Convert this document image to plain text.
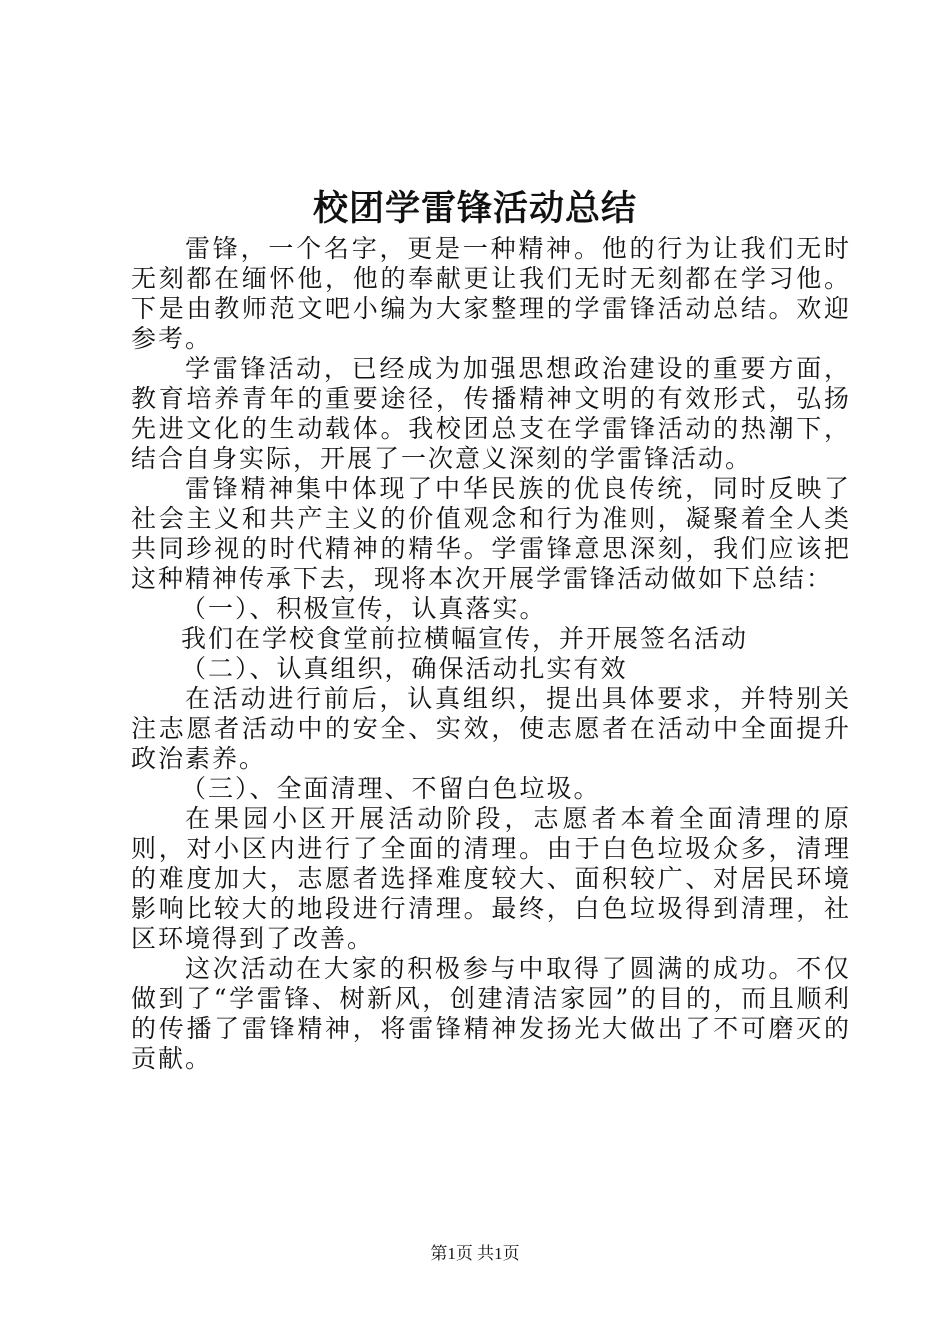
校团学雷锋活动总结

雷锋，一个名字，更是一种精神。他的行为让我们无时无刻都在缅怀他，他的奉献更让我们无时无刻都在学习他。下是由教师范文吧小编为大家整理的学雷锋活动总结。欢迎参考。

学雷锋活动，已经成为加强思想政治建设的重要方面，教育培养青年的重要途径，传播精神文明的有效形式，弘扬先进文化的生动载体。我校团总支在学雷锋活动的热潮下，结合自身实际，开展了一次意义深刻的学雷锋活动。

雷锋精神集中体现了中华民族的优良传统，同时反映了社会主义和共产主义的价值观念和行为准则，凝聚着全人类共同珍视的时代精神的精华。学雷锋意思深刻，我们应该把这种精神传承下去，现将本次开展学雷锋活动做如下总结：

（一）、积极宣传，认真落实。

我们在学校食堂前拉横幅宣传，并开展签名活动

（二）、认真组织，确保活动扎实有效

在活动进行前后，认真组织，提出具体要求，并特别关注志愿者活动中的安全、实效，使志愿者在活动中全面提升政治素养。

（三）、全面清理、不留白色垃圾。

在果园小区开展活动阶段，志愿者本着全面清理的原则，对小区内进行了全面的清理。由于白色垃圾众多，清理的难度加大，志愿者选择难度较大、面积较广、对居民环境影响比较大的地段进行清理。最终，白色垃圾得到清理，社区环境得到了改善。

这次活动在大家的积极参与中取得了圆满的成功。不仅做到了“学雷锋、树新风，创建清洁家园”的目的，而且顺利的传播了雷锋精神，将雷锋精神发扬光大做出了不可磨灭的贡献。

第1页 共1页
